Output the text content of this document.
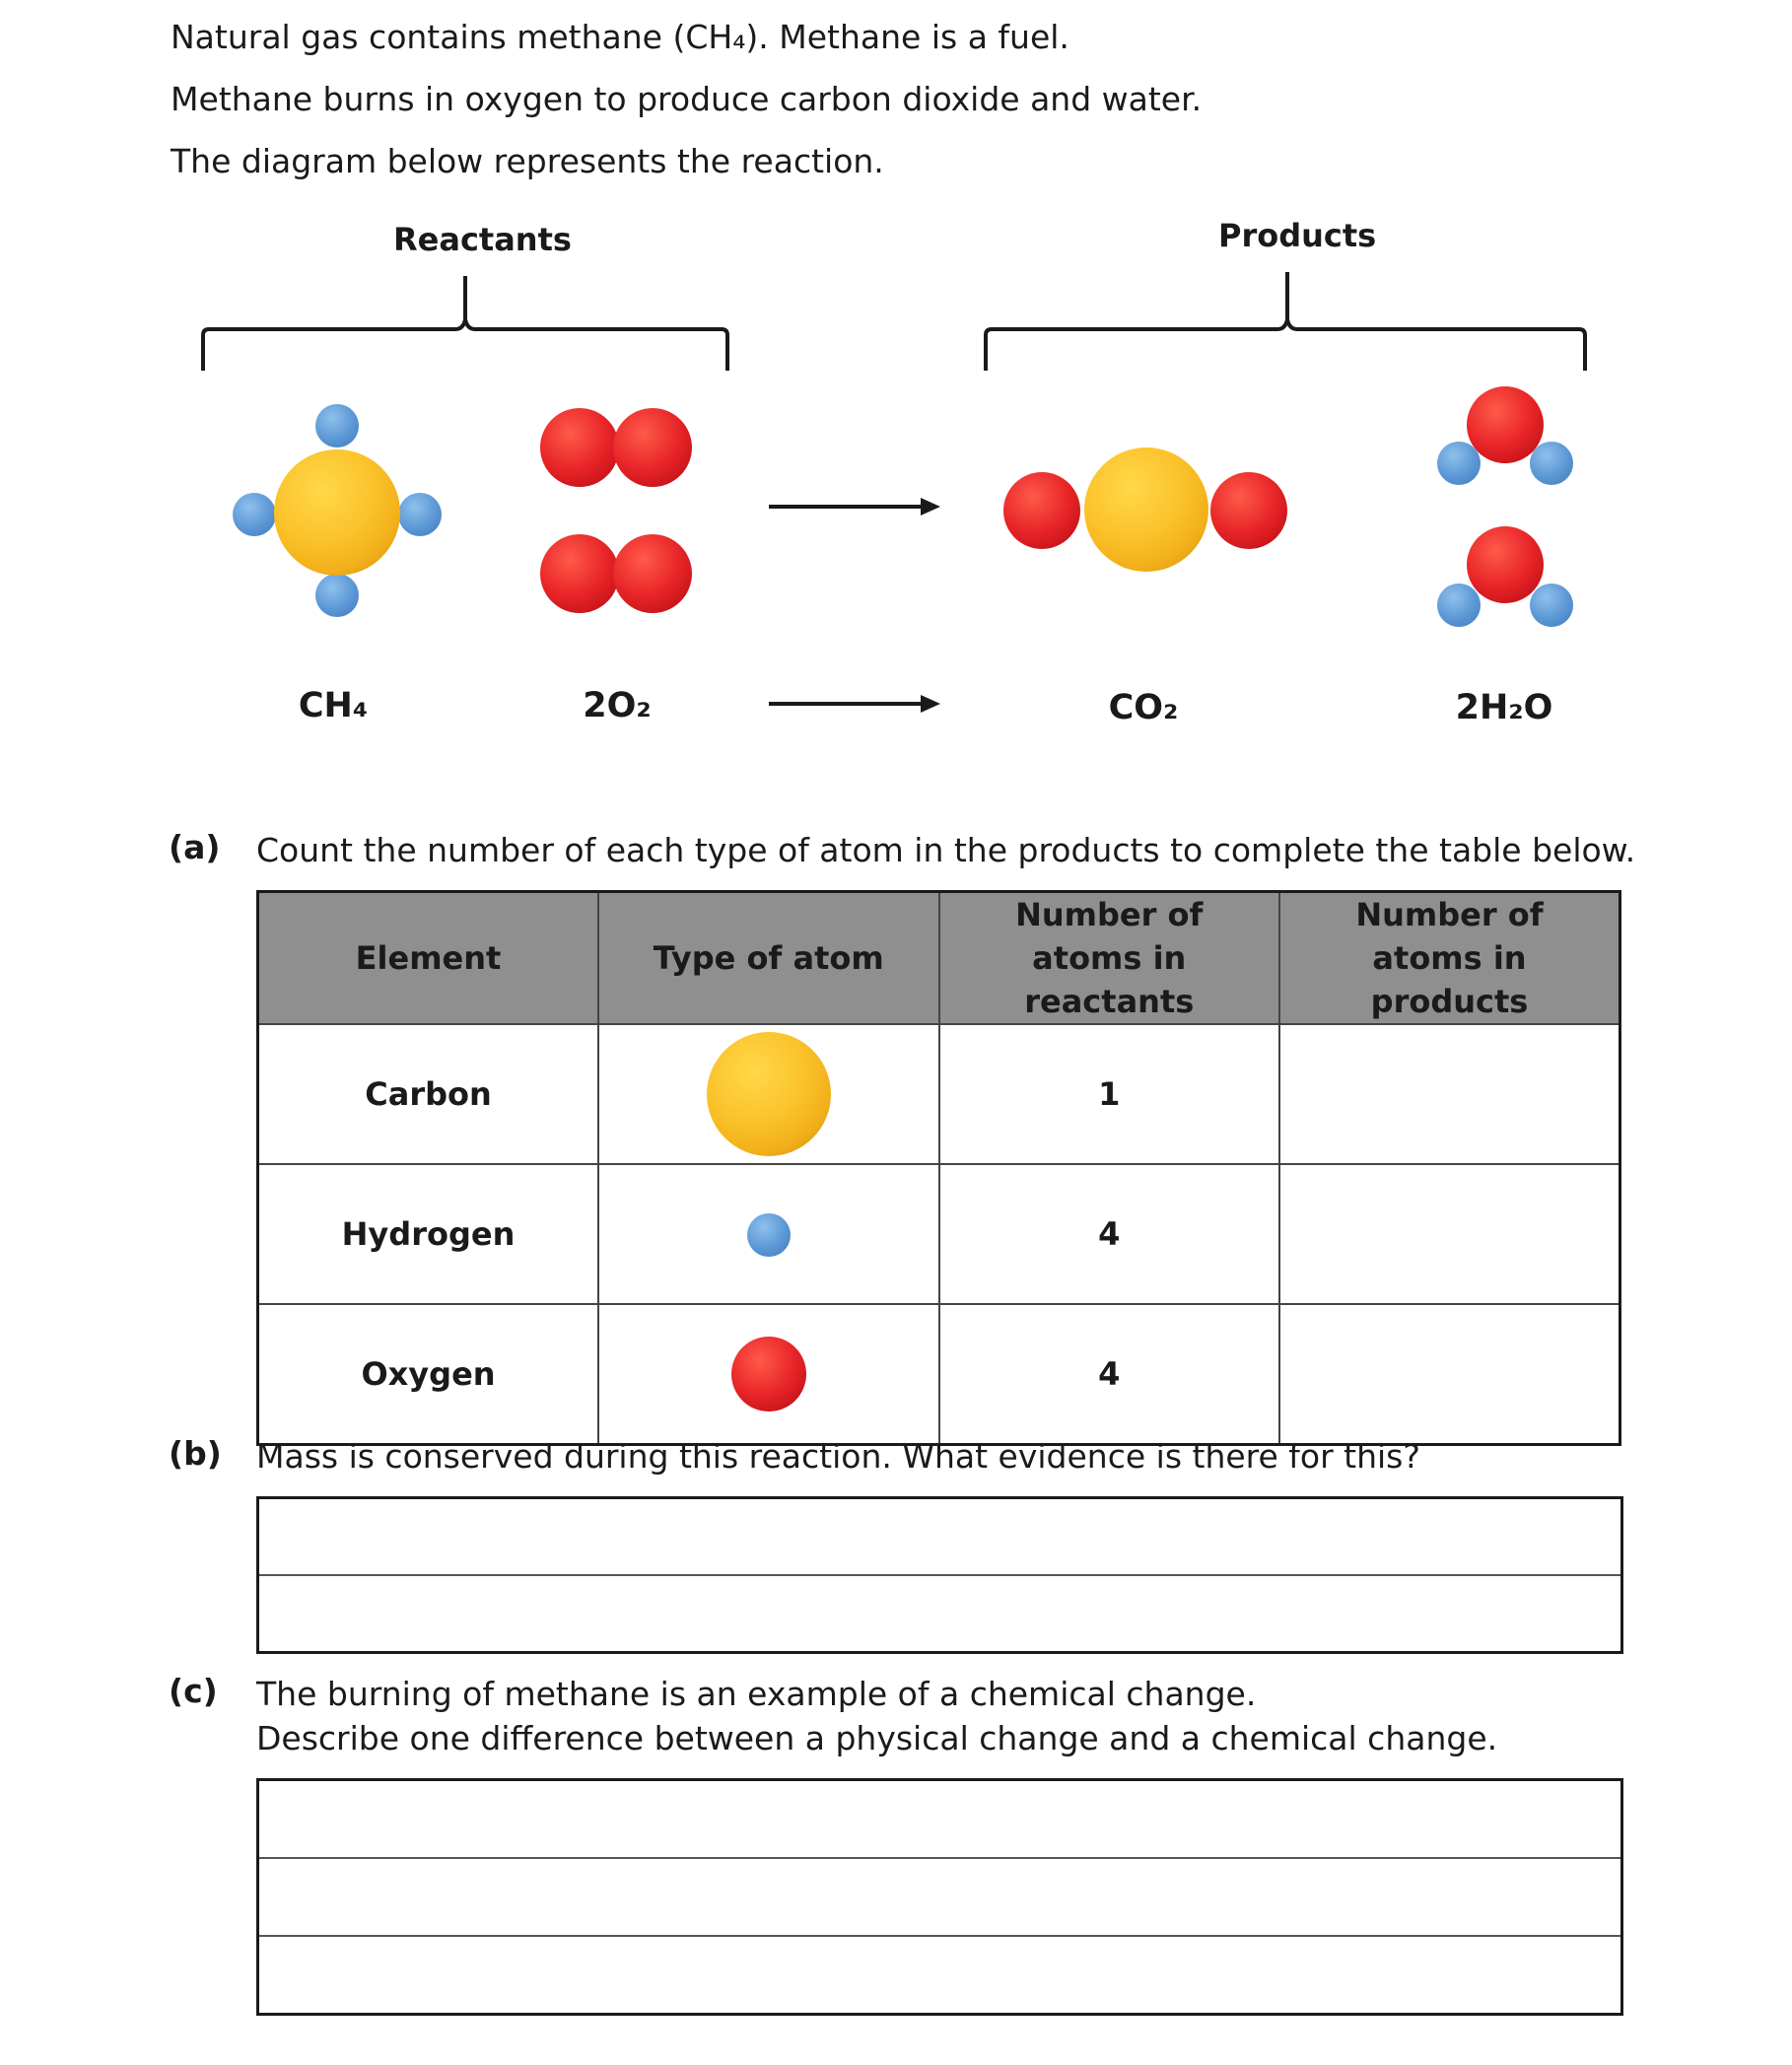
Natural gas contains methane (CH₄). Methane is a fuel.
Methane burns in oxygen to produce carbon dioxide and water.
The diagram below represents the reaction.
Reactants	Products
CH₄	2O₂	CO₂	2H₂O
(a) Count the number of each type of atom in the products to complete the table below.
Element	Type of atom	Number of atoms in reactants	Number of atoms in products
Carbon		1	
Hydrogen		4	
Oxygen		4	
(b) Mass is conserved during this reaction. What evidence is there for this?
(c) The burning of methane is an example of a chemical change.
Describe one difference between a physical change and a chemical change.
